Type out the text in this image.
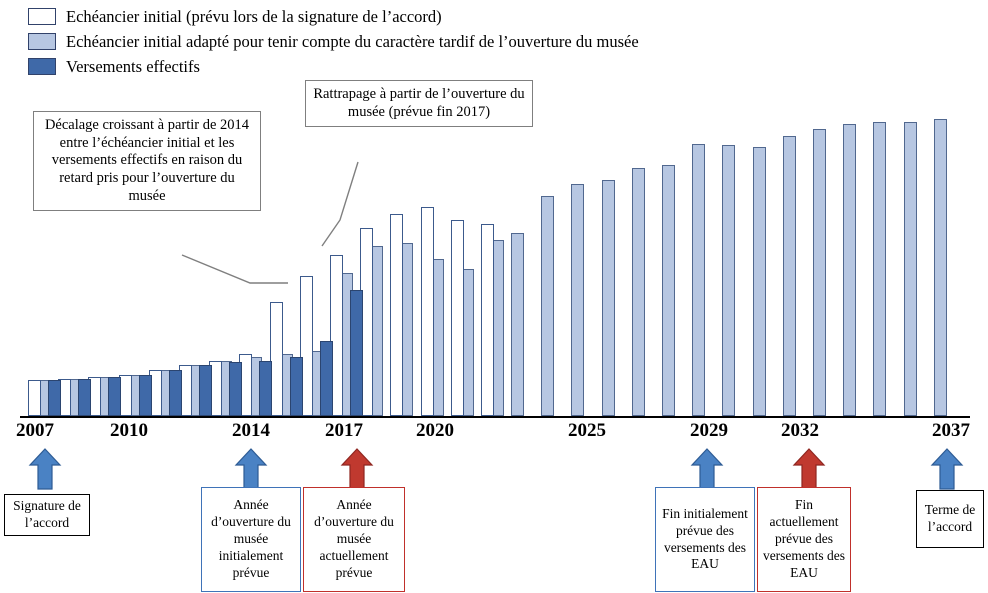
Echéancier initial (prévu lors de la signature de l’accord)
Echéancier initial adapté pour tenir compte du caractère tardif de l’ouverture du musée
Versements effectifs
Décalage croissant à partir de 2014 entre l’échéancier initial et les versements effectifs en raison du retard pris pour l’ouverture du musée
Rattrapage à partir de l’ouverture du musée (prévue fin 2017)
2007	2010	2014	2017	2020	2025	2029	2032	2037
Signature de l’accord
Année d’ouverture du musée initialement prévue
Année d’ouverture du musée actuellement prévue
Fin initialement prévue des versements des EAU
Fin actuellement prévue des versements des EAU
Terme de l’accord
